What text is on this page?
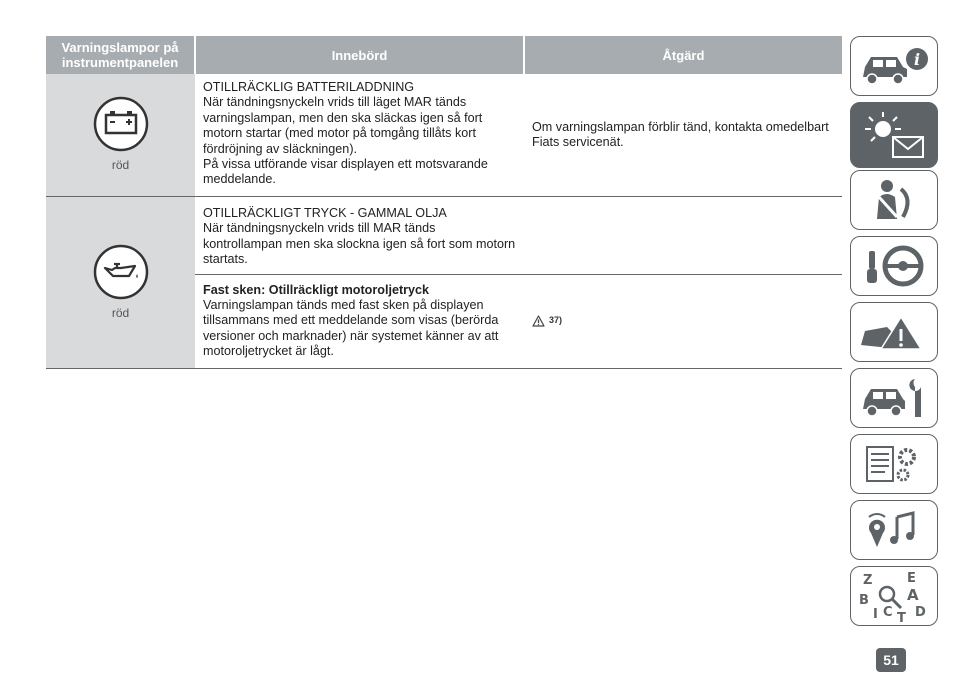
Varningslampor på instrumentpanelen	Innebörd	Åtgärd

röd	OTILLRÄCKLIG BATTERILADDNING
När tändningsnyckeln vrids till läget MAR tänds varningslampan, men den ska släckas igen så fort motorn startar (med motor på tomgång tillåts kort fördröjning av släckningen).
På vissa utförande visar displayen ett motsvarande meddelande.	Om varningslampan förblir tänd, kontakta omedelbart Fiats servicenät.

röd	OTILLRÄCKLIGT TRYCK - GAMMAL OLJA
När tändningsnyckeln vrids till MAR tänds kontrollampan men ska slockna igen så fort som motorn startats.	

	Fast sken: Otillräckligt motoroljetryck
Varningslampan tänds med fast sken på displayen tillsammans med ett meddelande som visas (berörda versioner och marknader) när systemet känner av att motoroljetrycket är lågt.	37)
i
Z	E
B	A
I C T D
51
